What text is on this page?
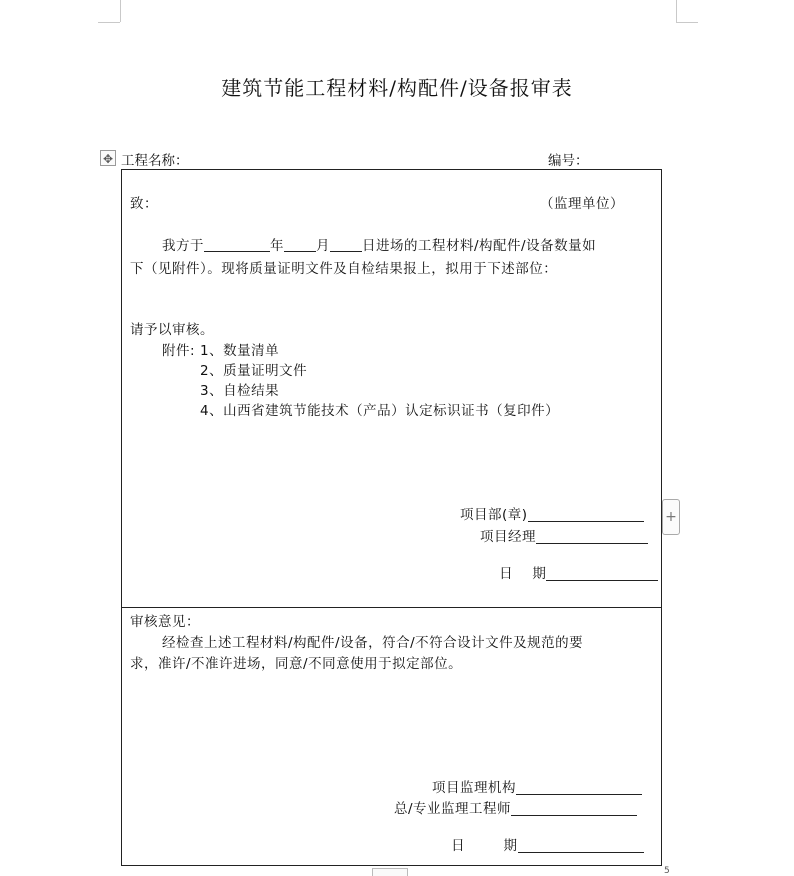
建筑节能工程材料/构配件/设备报审表
✥ 工程名称：	编号：
致：	（监理单位）
我方于	年 月 日进场的工程材料/构配件/设备数量如
下（见附件）。现将质量证明文件及自检结果报上，拟用于下述部位：
请予以审核。
附件: 1、数量清单
2、质量证明文件
3、自检结果
4、山西省建筑节能技术（产品）认定标识证书（复印件）
项目部(章)
项目经理

日    期

审核意见：
经检查上述工程材料/构配件/设备，符合/不符合设计文件及规范的要
求，准许/不准许进场，同意/不同意使用于拟定部位。
项目监理机构
总/专业监理工程师

日        期

+
5
